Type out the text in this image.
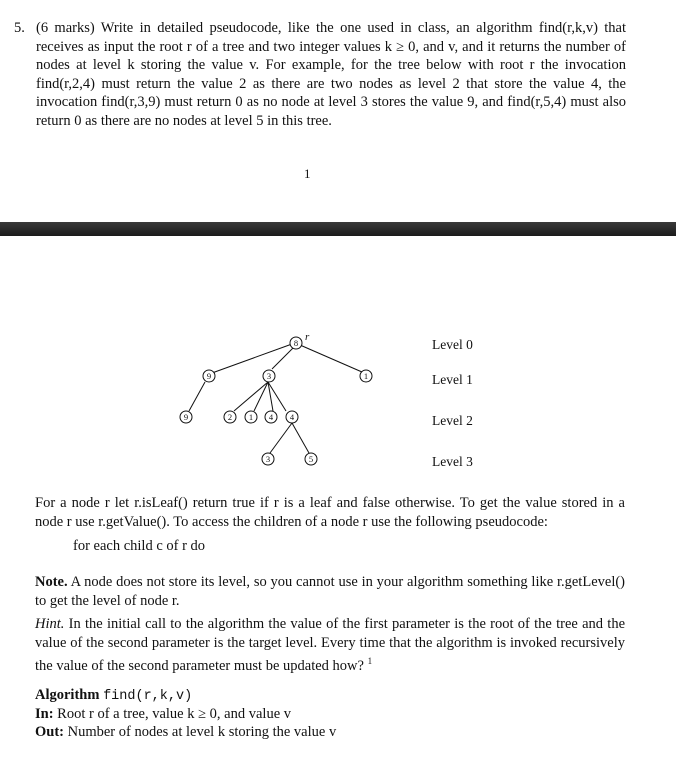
5. (6 marks) Write in detailed pseudocode, like the one used in class, an algorithm find(r,k,v) that receives as input the root r of a tree and two integer values k ≥ 0, and v, and it returns the number of nodes at level k storing the value v. For example, for the tree below with root r the invocation find(r,2,4) must return the value 2 as there are two nodes as level 2 that store the value 4, the invocation find(r,3,9) must return 0 as no node at level 3 stores the value 9, and find(r,5,4) must also return 0 as there are no nodes at level 5 in this tree.
1
8
9	3	1
9	2 1 4 4
3	5
r	Level 0
Level 1
Level 2
Level 3
For a node r let r.isLeaf() return true if r is a leaf and false otherwise. To get the value stored in a node r use r.getValue(). To access the children of a node r use the following pseudocode:
for each child c of r do
Note. A node does not store its level, so you cannot use in your algorithm something like r.getLevel() to get the level of node r.
Hint. In the initial call to the algorithm the value of the first parameter is the root of the tree and the value of the second parameter is the target level. Every time that the algorithm is invoked recursively the value of the second parameter must be updated how? $^1$
Algorithm find(r,k,v)
In: Root r of a tree, value k ≥ 0, and value v
Out: Number of nodes at level k storing the value v
